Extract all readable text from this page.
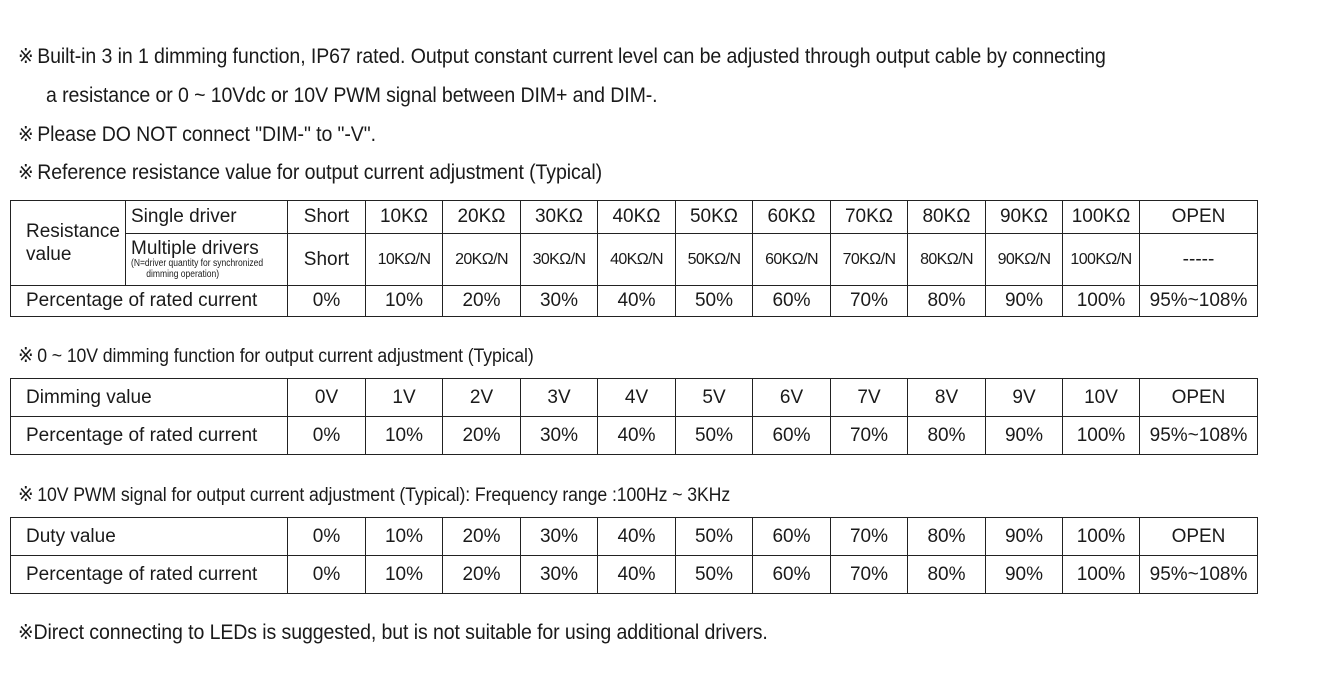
※ Built-in 3 in 1 dimming function, IP67 rated. Output constant current level can be adjusted through output cable by connecting
a resistance or 0 ~ 10Vdc or 10V PWM signal between DIM+ and DIM-.
※ Please DO NOT connect "DIM-" to "-V".
※ Reference resistance value for output current adjustment (Typical)
Resistance
value	Single driver	Short	10KΩ	20KΩ	30KΩ	40KΩ	50KΩ	60KΩ	70KΩ	80KΩ	90KΩ	100KΩ	OPEN

	Multiple drivers
(N=driver quantity for synchronized
dimming operation)	Short	10KΩ/N	20KΩ/N	30KΩ/N	40KΩ/N	50KΩ/N	60KΩ/N	70KΩ/N	80KΩ/N	90KΩ/N	100KΩ/N	-----
Percentage of rated current		0%	10%	20%	30%	40%	50%	60%	70%	80%	90%	100%	95%~108%
※ 0 ~ 10V dimming function for output current adjustment (Typical)
Dimming value	0V	1V	2V	3V	4V	5V	6V	7V	8V	9V	10V	OPEN
Percentage of rated current	0%	10%	20%	30%	40%	50%	60%	70%	80%	90%	100%	95%~108%
※ 10V PWM signal for output current adjustment (Typical): Frequency range :100Hz ~ 3KHz
Duty value	0%	10%	20%	30%	40%	50%	60%	70%	80%	90%	100%	OPEN
Percentage of rated current	0%	10%	20%	30%	40%	50%	60%	70%	80%	90%	100%	95%~108%
※Direct connecting to LEDs is suggested, but is not suitable for using additional drivers.
